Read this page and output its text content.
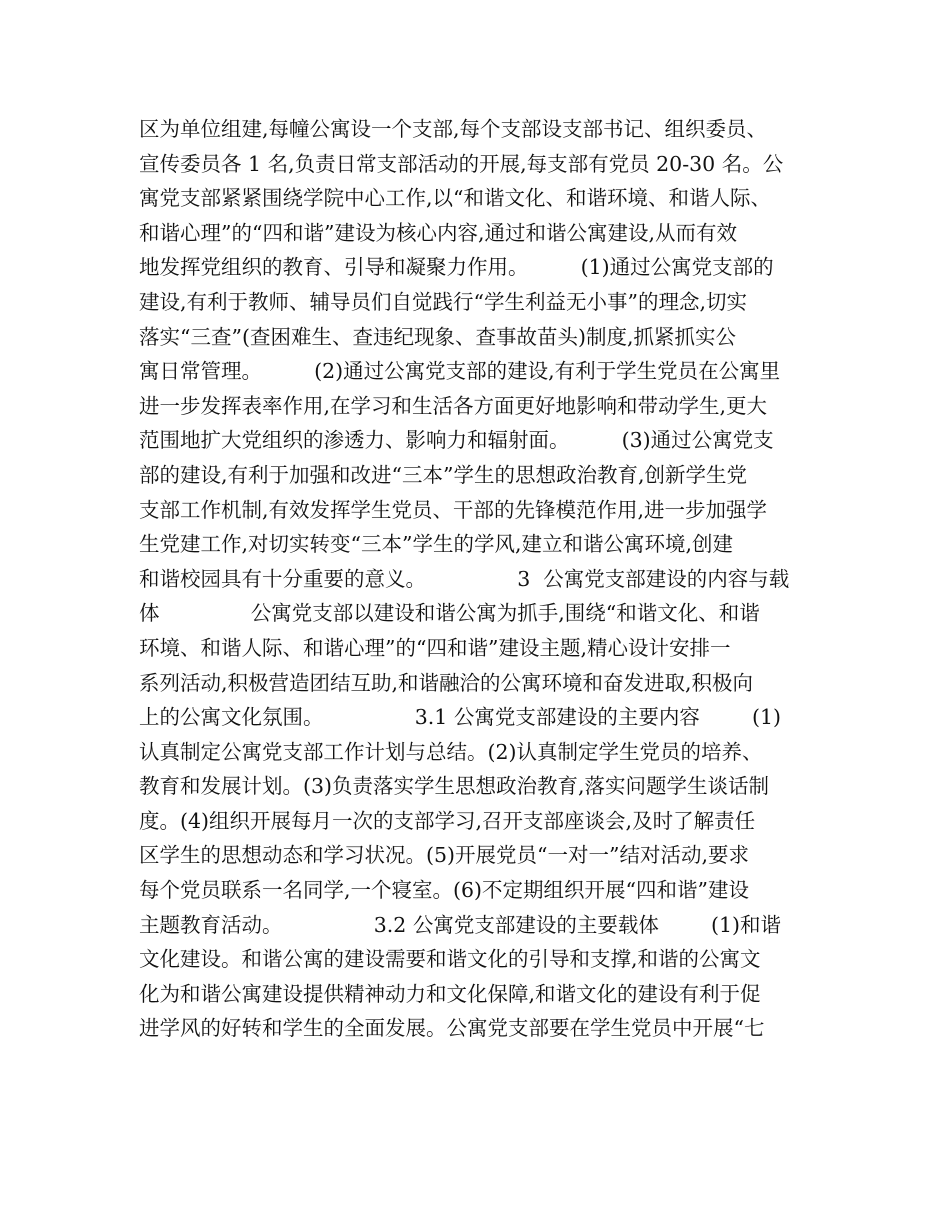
区为单位组建,每幢公寓设一个支部,每个支部设支部书记、组织委员、
宣传委员各 1 名,负责日常支部活动的开展,每支部有党员 20-30 名。公
寓党支部紧紧围绕学院中心工作,以“和谐文化、和谐环境、和谐人际、
和谐心理”的“四和谐”建设为核心内容,通过和谐公寓建设,从而有效
地发挥党组织的教育、引导和凝聚力作用。        (1)通过公寓党支部的
建设,有利于教师、辅导员们自觉践行“学生利益无小事”的理念,切实
落实“三查”(查困难生、查违纪现象、查事故苗头)制度,抓紧抓实公
寓日常管理。        (2)通过公寓党支部的建设,有利于学生党员在公寓里
进一步发挥表率作用,在学习和生活各方面更好地影响和带动学生,更大
范围地扩大党组织的渗透力、影响力和辐射面。        (3)通过公寓党支
部的建设,有利于加强和改进“三本”学生的思想政治教育,创新学生党
支部工作机制,有效发挥学生党员、干部的先锋模范作用,进一步加强学
生党建工作,对切实转变“三本”学生的学风,建立和谐公寓环境,创建
和谐校园具有十分重要的意义。              3  公寓党支部建设的内容与载
体              公寓党支部以建设和谐公寓为抓手,围绕“和谐文化、和谐
环境、和谐人际、和谐心理”的“四和谐”建设主题,精心设计安排一
系列活动,积极营造团结互助,和谐融洽的公寓环境和奋发进取,积极向
上的公寓文化氛围。              3.1 公寓党支部建设的主要内容        (1)
认真制定公寓党支部工作计划与总结。(2)认真制定学生党员的培养、
教育和发展计划。(3)负责落实学生思想政治教育,落实问题学生谈话制
度。(4)组织开展每月一次的支部学习,召开支部座谈会,及时了解责任
区学生的思想动态和学习状况。(5)开展党员“一对一”结对活动,要求
每个党员联系一名同学,一个寝室。(6)不定期组织开展“四和谐”建设
主题教育活动。              3.2 公寓党支部建设的主要载体        (1)和谐
文化建设。和谐公寓的建设需要和谐文化的引导和支撑,和谐的公寓文
化为和谐公寓建设提供精神动力和文化保障,和谐文化的建设有利于促
进学风的好转和学生的全面发展。公寓党支部要在学生党员中开展“七
